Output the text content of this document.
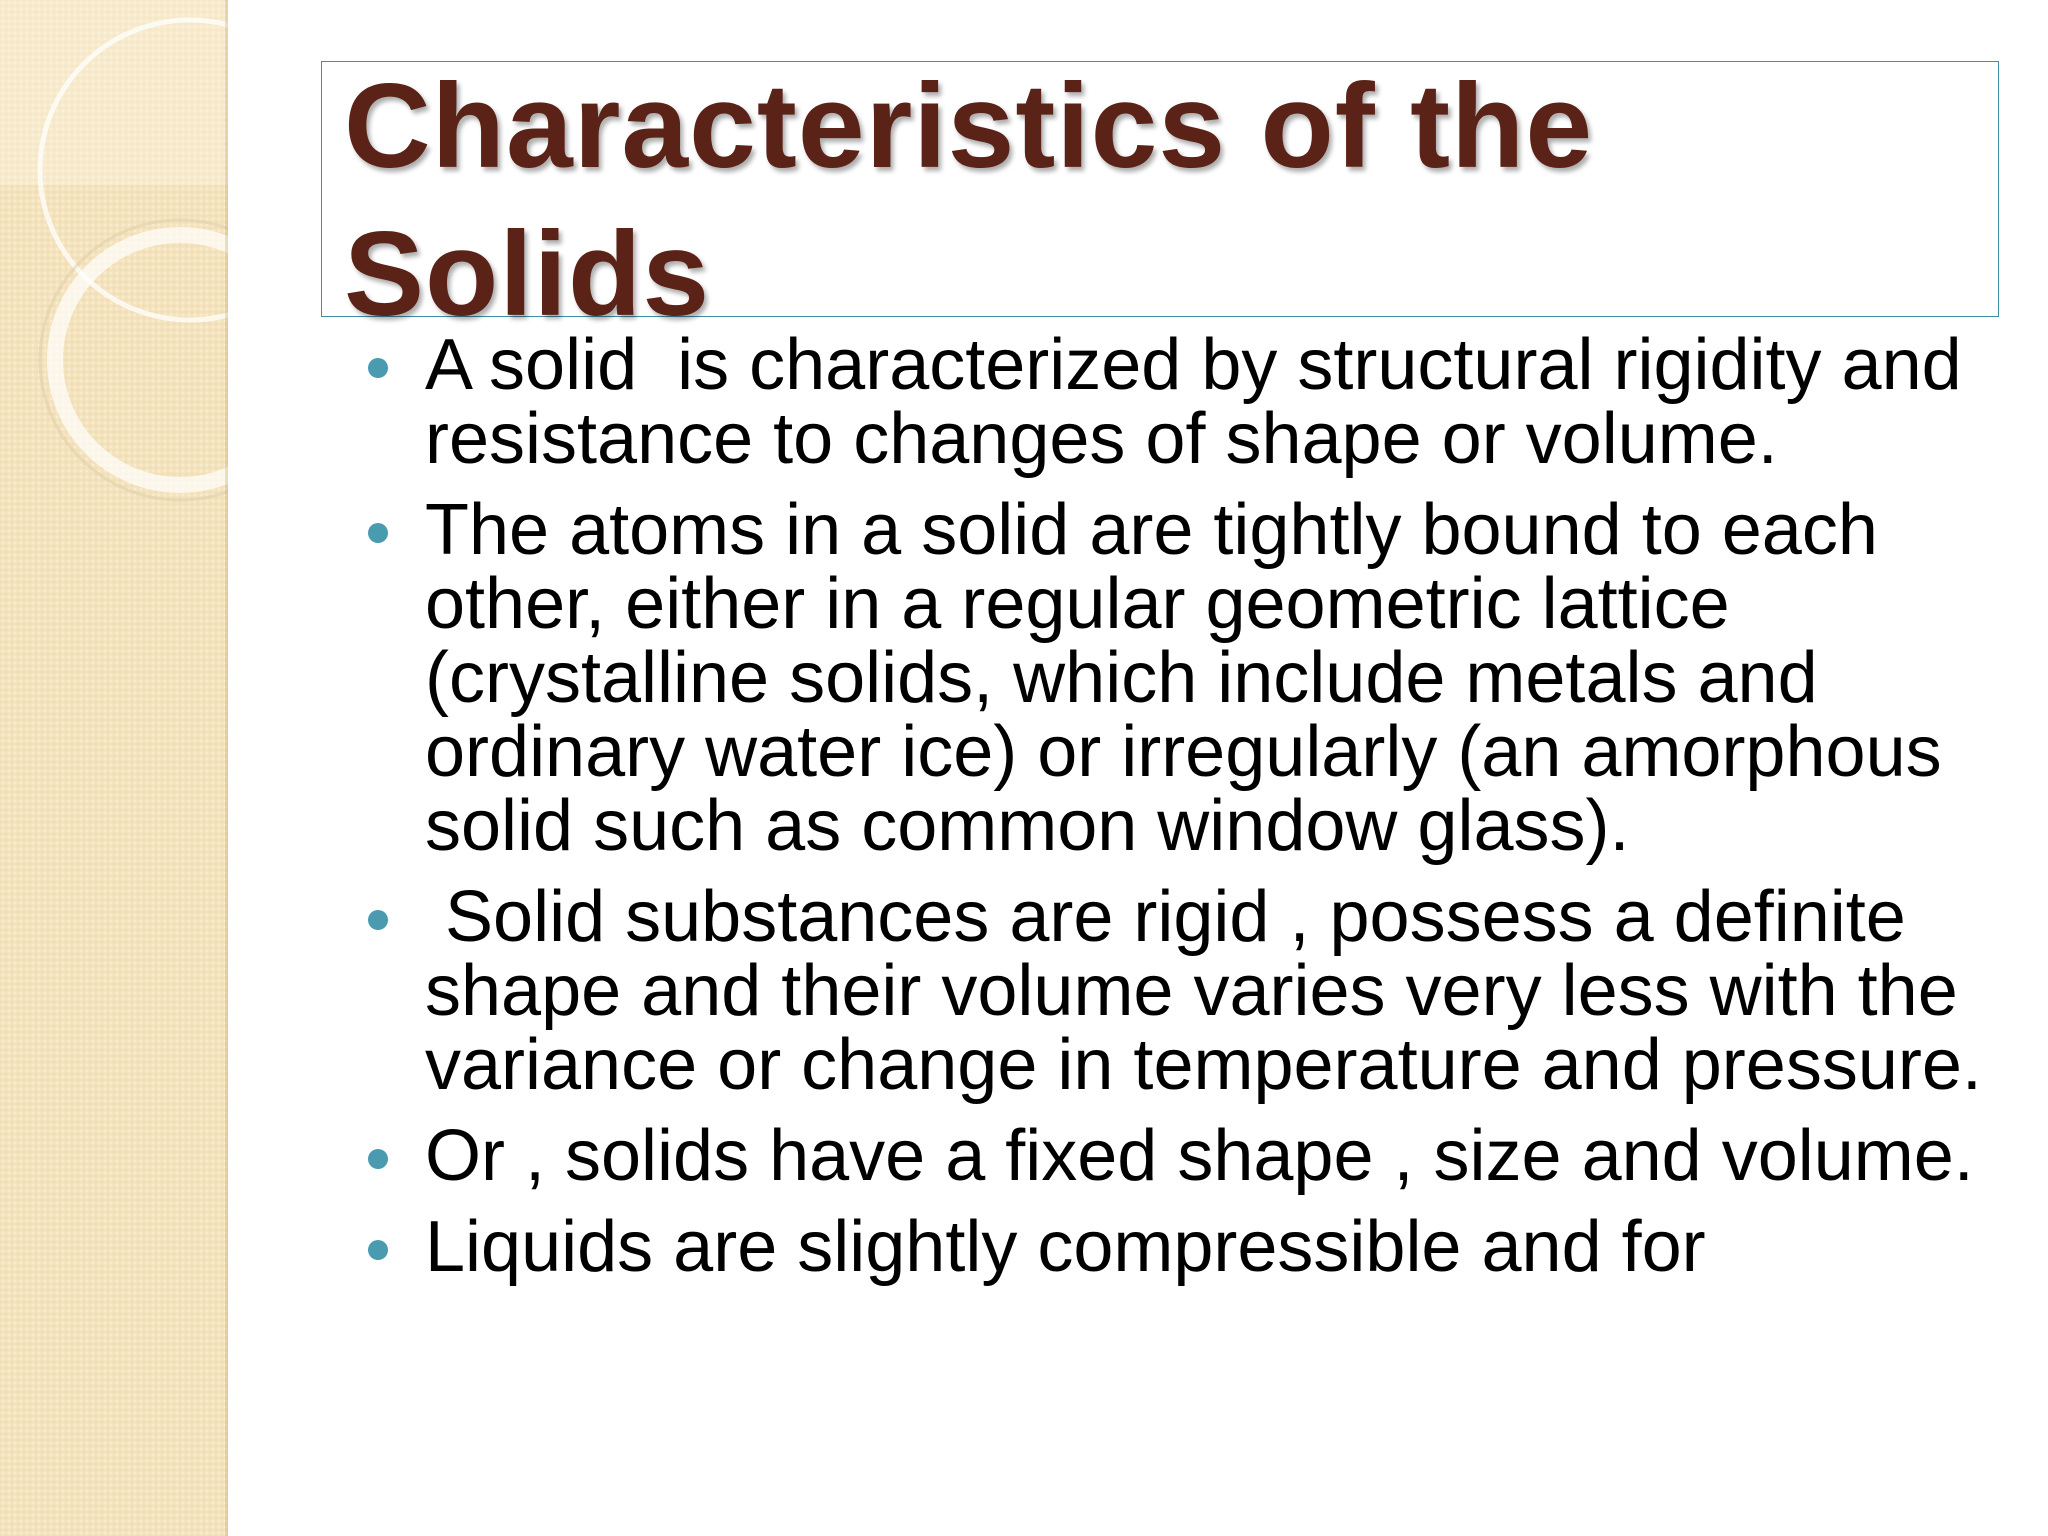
Characteristics of the Solids
A solid  is characterized by structural rigidity and resistance to changes of shape or volume.
The atoms in a solid are tightly bound to each other, either in a regular geometric lattice (crystalline solids, which include metals and ordinary water ice) or irregularly (an amorphous solid such as common window glass).
Solid substances are rigid , possess a definite shape and their volume varies very less with the variance or change in temperature and pressure.
Or , solids have a fixed shape , size and volume.
Liquids are slightly compressible and for
